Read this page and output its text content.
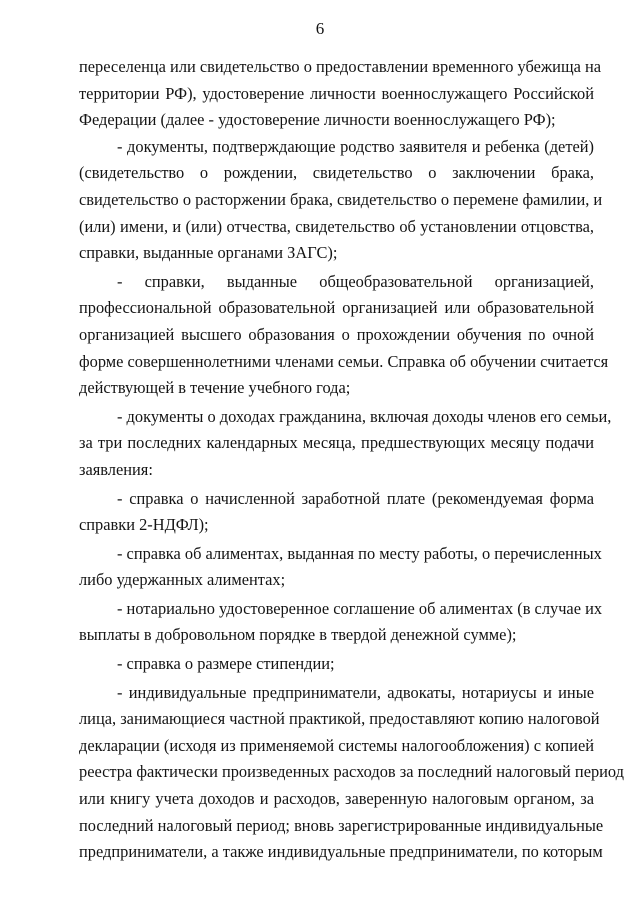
6
переселенца или свидетельство о предоставлении временного убежища на
территории РФ), удостоверение личности военнослужащего Российской
Федерации (далее - удостоверение личности военнослужащего РФ);
- документы, подтверждающие родство заявителя и ребенка (детей)
(свидетельство о рождении, свидетельство о заключении брака,
свидетельство о расторжении брака, свидетельство о перемене фамилии, и
(или) имени, и (или) отчества, свидетельство об установлении отцовства,
справки, выданные органами ЗАГС);
- справки, выданные общеобразовательной организацией,
профессиональной образовательной организацией или образовательной
организацией высшего образования о прохождении обучения по очной
форме совершеннолетними членами семьи. Справка об обучении считается
действующей в течение учебного года;
- документы о доходах гражданина, включая доходы членов его семьи,
за три последних календарных месяца, предшествующих месяцу подачи
заявления:
- справка о начисленной заработной плате (рекомендуемая форма
справки 2-НДФЛ);
- справка об алиментах, выданная по месту работы, о перечисленных
либо удержанных алиментах;
- нотариально удостоверенное соглашение об алиментах (в случае их
выплаты в добровольном порядке в твердой денежной сумме);
- справка о размере стипендии;
- индивидуальные предприниматели, адвокаты, нотариусы и иные
лица, занимающиеся частной практикой, предоставляют копию налоговой
декларации (исходя из применяемой системы налогообложения) с копией
реестра фактически произведенных расходов за последний налоговый период
или книгу учета доходов и расходов, заверенную налоговым органом, за
последний налоговый период; вновь зарегистрированные индивидуальные
предприниматели, а также индивидуальные предприниматели, по которым
